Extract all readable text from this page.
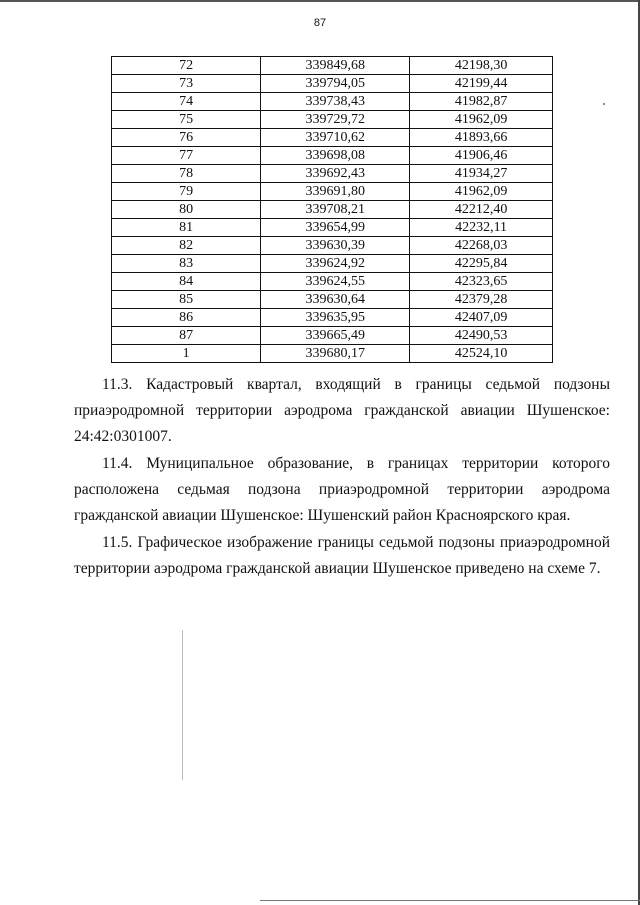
87
72	339849,68	42198,30
73	339794,05	42199,44
74	339738,43	41982,87
75	339729,72	41962,09
76	339710,62	41893,66
77	339698,08	41906,46
78	339692,43	41934,27
79	339691,80	41962,09
80	339708,21	42212,40
81	339654,99	42232,11
82	339630,39	42268,03
83	339624,92	42295,84
84	339624,55	42323,65
85	339630,64	42379,28
86	339635,95	42407,09
87	339665,49	42490,53
1	339680,17	42524,10

11.3. Кадастровый квартал, входящий в границы седьмой подзоны приаэродромной территории аэродрома гражданской авиации Шушенское: 24:42:0301007.

11.4. Муниципальное образование, в границах территории которого расположена седьмая подзона приаэродромной территории аэродрома гражданской авиации Шушенское: Шушенский район Красноярского края.

11.5. Графическое изображение границы седьмой подзоны приаэродромной территории аэродрома гражданской авиации Шушенское приведено на схеме 7.
